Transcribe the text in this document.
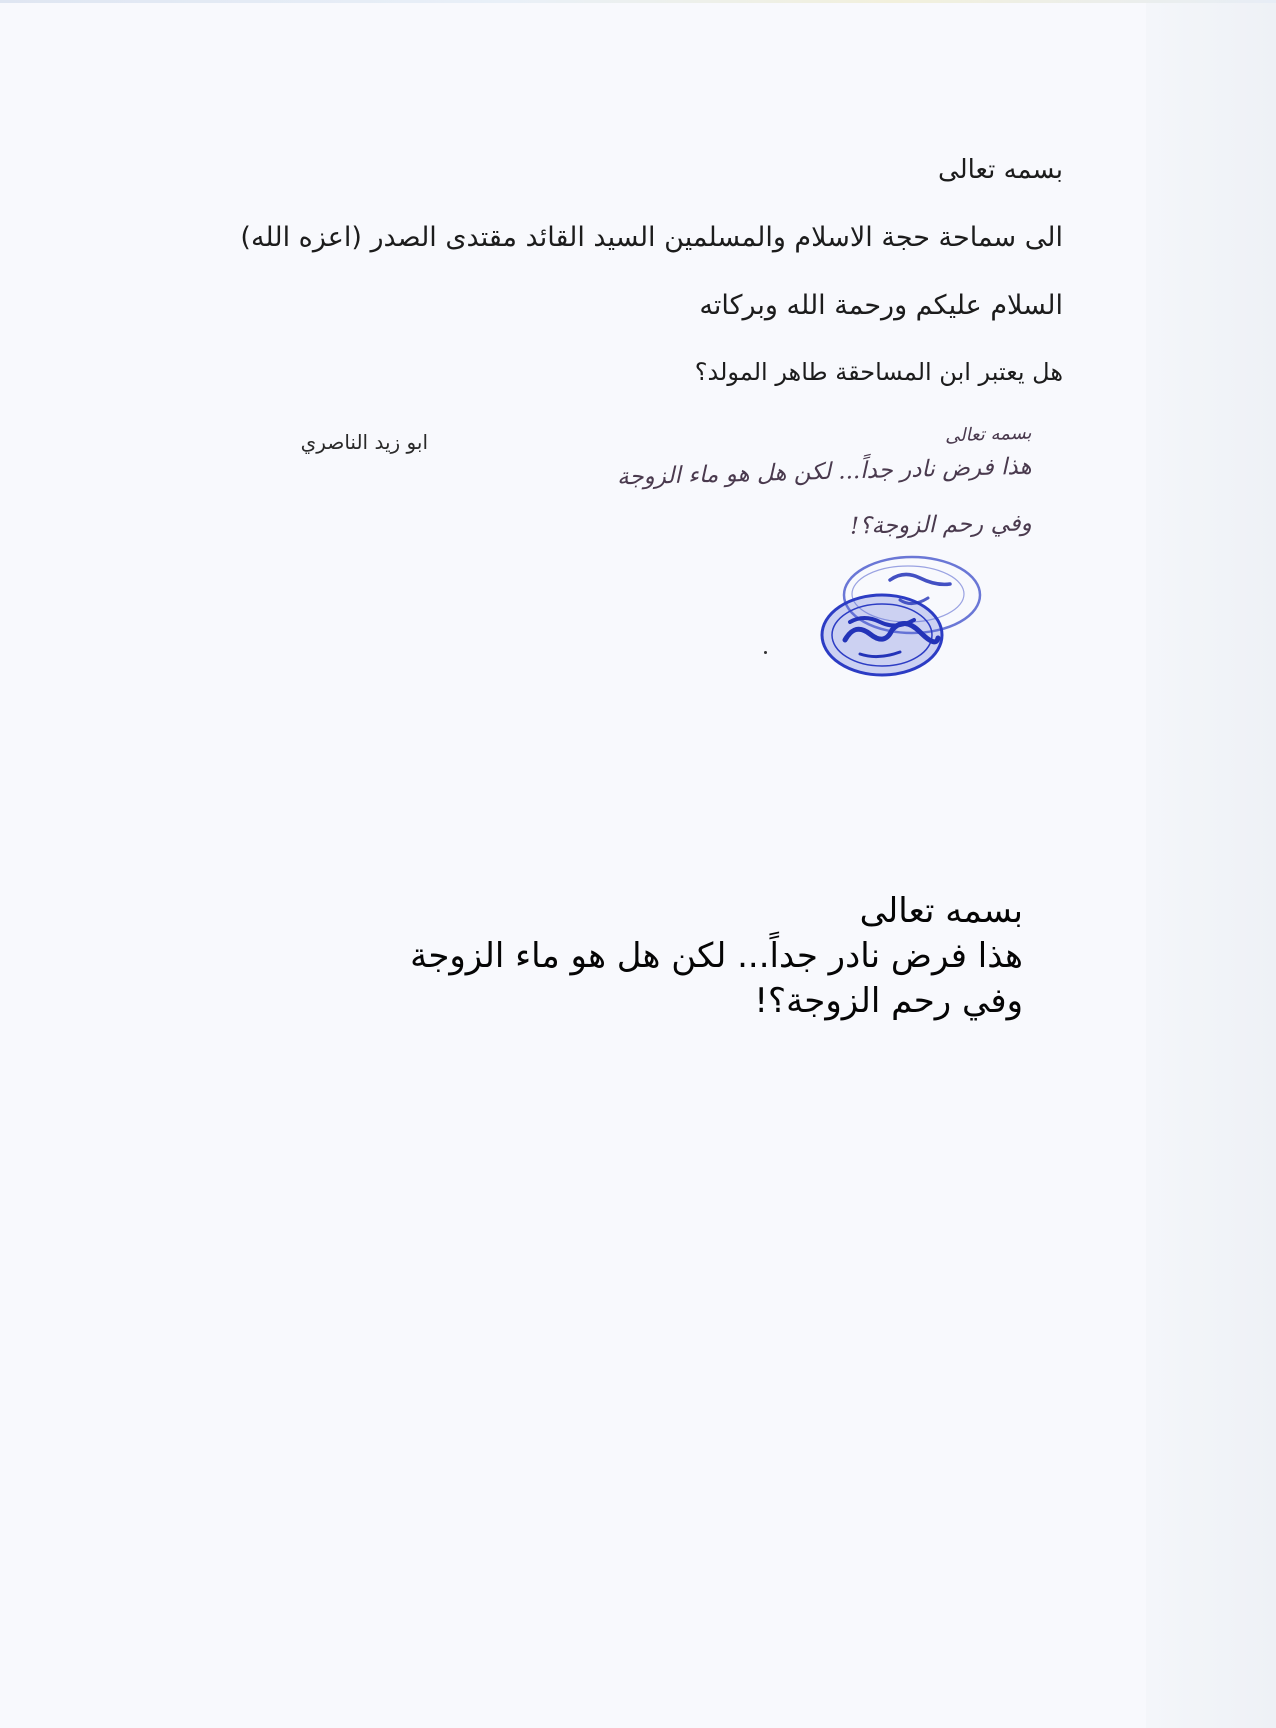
بسمه تعالى
الى سماحة حجة الاسلام والمسلمين السيد القائد مقتدى الصدر (اعزه الله)
السلام عليكم ورحمة الله وبركاته
هل يعتبر ابن المساحقة طاهر المولد؟
ابو زيد الناصري	بسمه تعالى
هذا فرض نادر جداً... لكن هل هو ماء الزوجة
وفي رحم الزوجة؟!
بسمه تعالى
هذا فرض نادر جداً... لكن هل هو ماء الزوجة
وفي رحم الزوجة؟!
